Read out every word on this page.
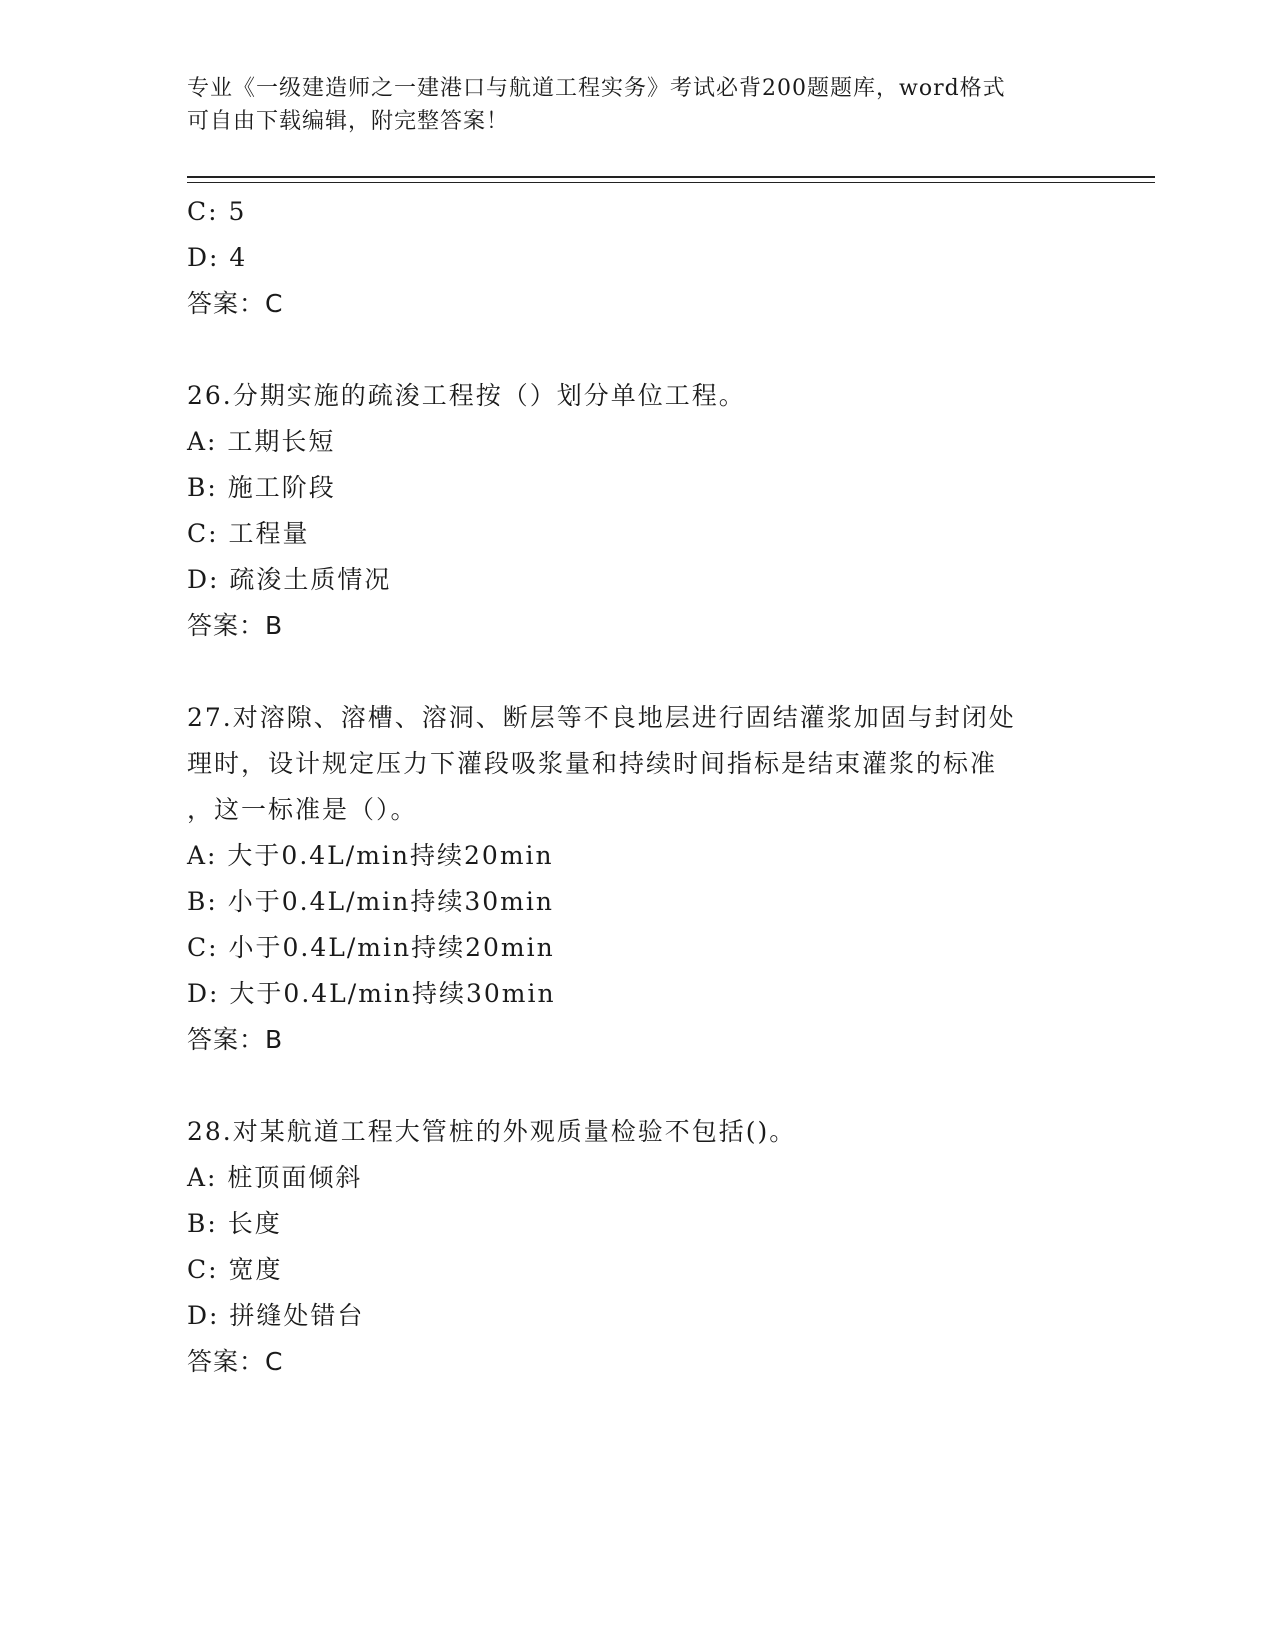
专业《一级建造师之一建港口与航道工程实务》考试必背200题题库，word格式
可自由下载编辑，附完整答案！

C: 5

D: 4

答案：C

26.分期实施的疏浚工程按（）划分单位工程。

A: 工期长短

B: 施工阶段

C: 工程量

D: 疏浚土质情况

答案：B

27.对溶隙、溶槽、溶洞、断层等不良地层进行固结灌浆加固与封闭处

理时，设计规定压力下灌段吸浆量和持续时间指标是结束灌浆的标准

，这一标准是（）。

A: 大于0.4L/min持续20min

B: 小于0.4L/min持续30min

C: 小于0.4L/min持续20min

D: 大于0.4L/min持续30min

答案：B

28.对某航道工程大管桩的外观质量检验不包括()。

A: 桩顶面倾斜

B: 长度

C: 宽度

D: 拼缝处错台

答案：C
